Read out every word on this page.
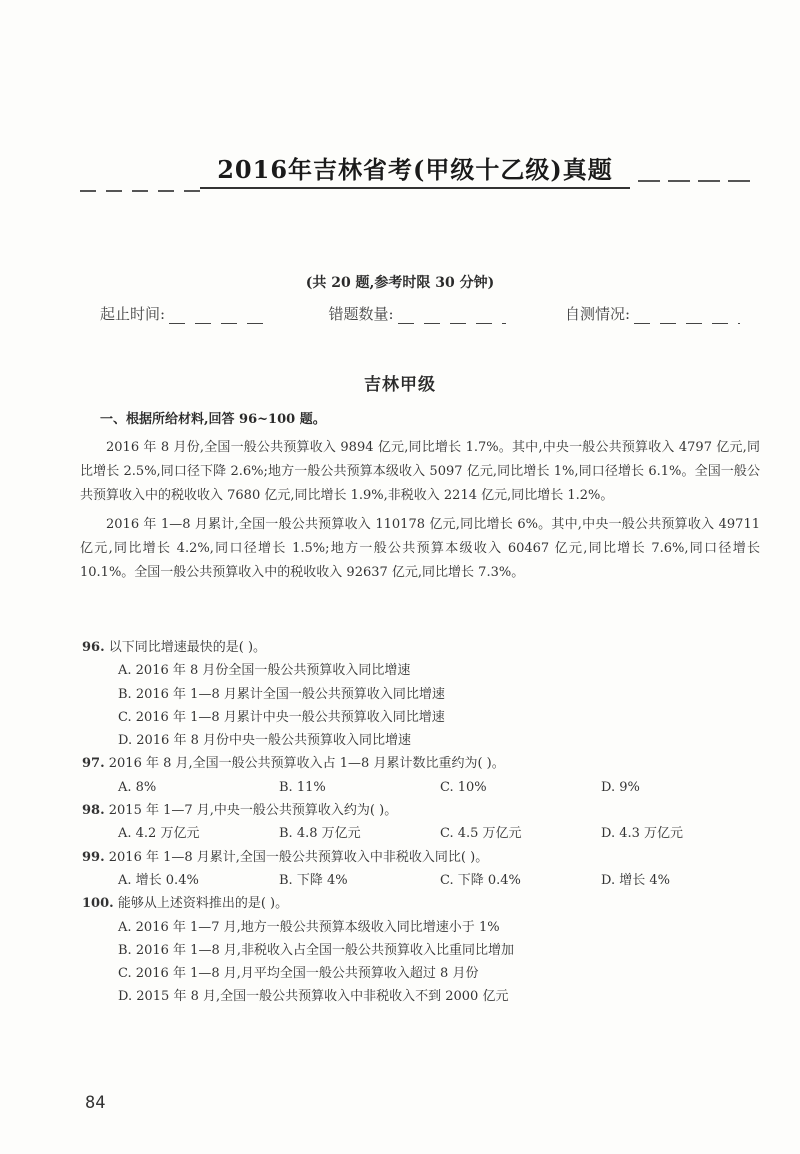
2016年吉林省考(甲级十乙级)真题
(共 20 题,参考时限 30 分钟)
起止时间:	错题数量:	自测情况:
吉林甲级

一、根据所给材料,回答 96~100 题。

2016 年 8 月份,全国一般公共预算收入 9894 亿元,同比增长 1.7%。其中,中央一般公共预算收入 4797 亿元,同比增长 2.5%,同口径下降 2.6%;地方一般公共预算本级收入 5097 亿元,同比增长 1%,同口径增长 6.1%。全国一般公共预算收入中的税收收入 7680 亿元,同比增长 1.9%,非税收入 2214 亿元,同比增长 1.2%。

2016 年 1—8 月累计,全国一般公共预算收入 110178 亿元,同比增长 6%。其中,中央一般公共预算收入 49711 亿元,同比增长 4.2%,同口径增长 1.5%;地方一般公共预算本级收入 60467 亿元,同比增长 7.6%,同口径增长 10.1%。全国一般公共预算收入中的税收收入 92637 亿元,同比增长 7.3%。

96. 以下同比增速最快的是( )。

A. 2016 年 8 月份全国一般公共预算收入同比增速

B. 2016 年 1—8 月累计全国一般公共预算收入同比增速

C. 2016 年 1—8 月累计中央一般公共预算收入同比增速

D. 2016 年 8 月份中央一般公共预算收入同比增速

97. 2016 年 8 月,全国一般公共预算收入占 1—8 月累计数比重约为( )。

A. 8%	B. 11%	C. 10%	D. 9%

98. 2015 年 1—7 月,中央一般公共预算收入约为( )。

A. 4.2 万亿元	B. 4.8 万亿元	C. 4.5 万亿元	D. 4.3 万亿元

99. 2016 年 1—8 月累计,全国一般公共预算收入中非税收入同比( )。

A. 增长 0.4%	B. 下降 4%	C. 下降 0.4%	D. 增长 4%

100. 能够从上述资料推出的是( )。

A. 2016 年 1—7 月,地方一般公共预算本级收入同比增速小于 1%

B. 2016 年 1—8 月,非税收入占全国一般公共预算收入比重同比增加

C. 2016 年 1—8 月,月平均全国一般公共预算收入超过 8 月份

D. 2015 年 8 月,全国一般公共预算收入中非税收入不到 2000 亿元

84
